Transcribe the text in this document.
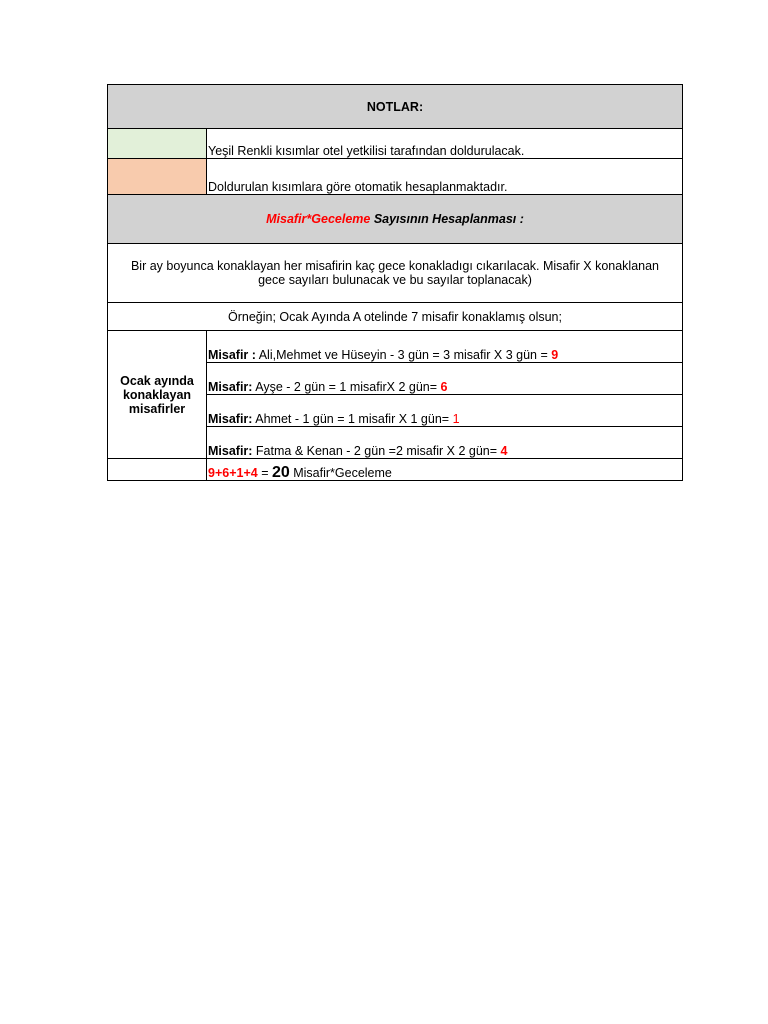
NOTLAR:	
	Yeşil Renkli kısımlar otel yetkilisi tarafından doldurulacak.
	Doldurulan kısımlara göre otomatik hesaplanmaktadır.
Misafir*Geceleme Sayısının Hesaplanması :	
Bir ay boyunca konaklayan her misafirin kaç gece konakladıgı cıkarılacak. Misafir X konaklanan gece sayıları bulunacak ve bu sayılar toplanacak)	
Örneğin; Ocak Ayında A otelinde 7 misafir konaklamış olsun;	
Ocak ayında konaklayan misafirler	Misafir : Ali,Mehmet ve Hüseyin - 3 gün = 3 misafir X 3 gün = 9
	Misafir: Ayşe - 2 gün = 1 misafirX 2 gün= 6
	Misafir: Ahmet - 1 gün = 1 misafir X 1 gün= 1
	Misafir: Fatma & Kenan - 2 gün =2 misafir X 2 gün= 4
	9+6+1+4 = 20 Misafir*Geceleme
